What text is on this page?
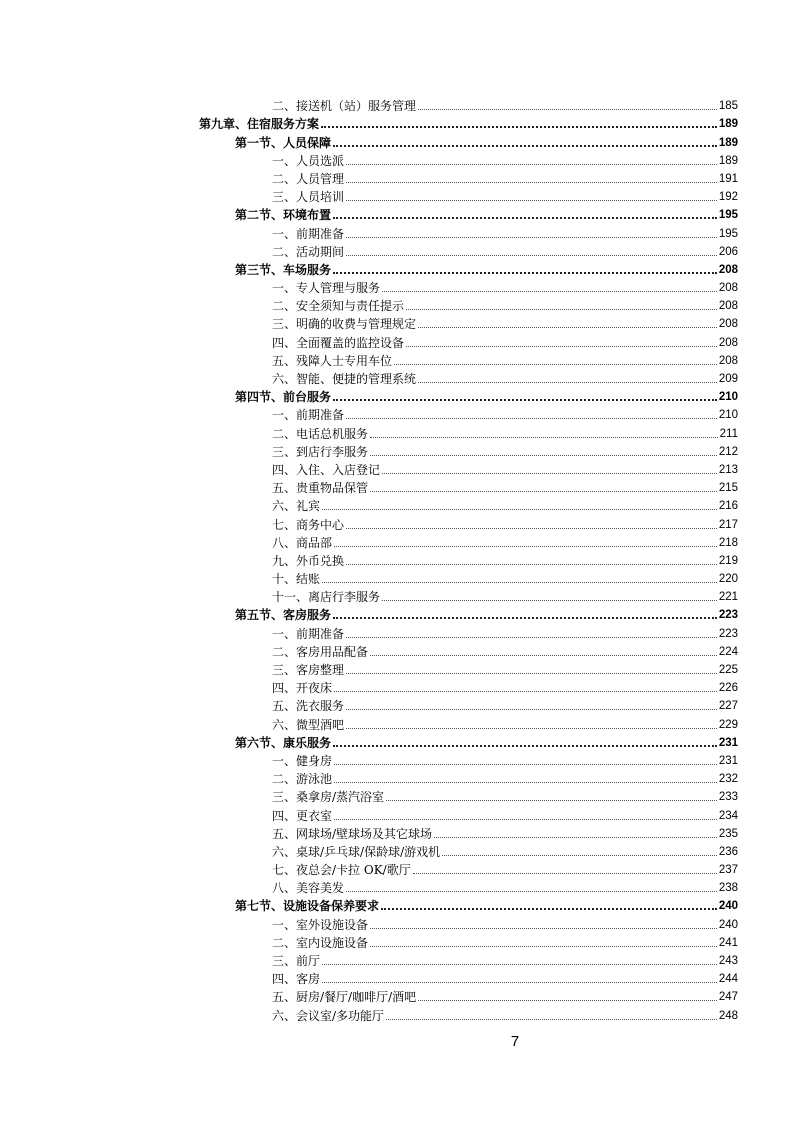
二、接送机（站）服务管理	185
第九章、住宿服务方案	189
第一节、人员保障	189
一、人员选派	189
二、人员管理	191
三、人员培训	192
第二节、环境布置	195
一、前期准备	195
二、活动期间	206
第三节、车场服务	208
一、专人管理与服务	208
二、安全须知与责任提示	208
三、明确的收费与管理规定	208
四、全面覆盖的监控设备	208
五、残障人士专用车位	208
六、智能、便捷的管理系统	209
第四节、前台服务	210
一、前期准备	210
二、电话总机服务	211
三、到店行李服务	212
四、入住、入店登记	213
五、贵重物品保管	215
六、礼宾	216
七、商务中心	217
八、商品部	218
九、外币兑换	219
十、结账	220
十一、离店行李服务	221
第五节、客房服务	223
一、前期准备	223
二、客房用品配备	224
三、客房整理	225
四、开夜床	226
五、洗衣服务	227
六、微型酒吧	229
第六节、康乐服务	231
一、健身房	231
二、游泳池	232
三、桑拿房/蒸汽浴室	233
四、更衣室	234
五、网球场/壁球场及其它球场	235
六、桌球/乒乓球/保龄球/游戏机	236
七、夜总会/卡拉 OK/歌厅	237
八、美容美发	238
第七节、设施设备保养要求	240
一、室外设施设备	240
二、室内设施设备	241
三、前厅	243
四、客房	244
五、厨房/餐厅/咖啡厅/酒吧	247
六、会议室/多功能厅	248
7
